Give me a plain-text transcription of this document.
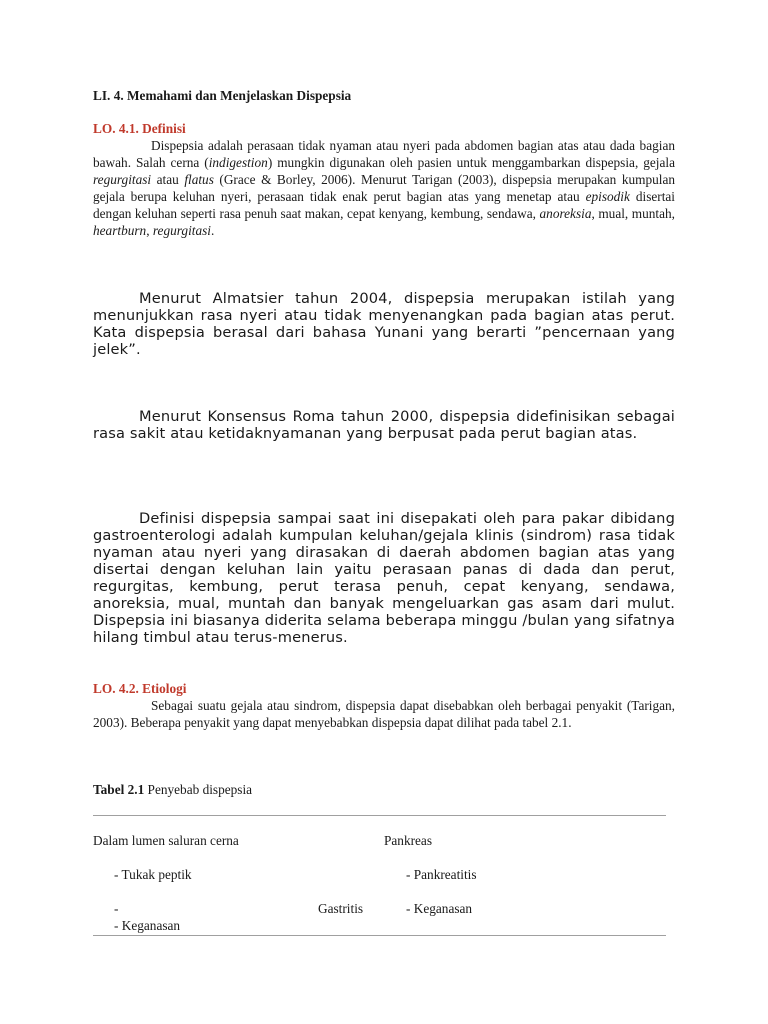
LI. 4. Memahami dan Menjelaskan Dispepsia

LO. 4.1. Definisi

Dispepsia adalah perasaan tidak nyaman atau nyeri pada abdomen bagian atas atau dada bagian bawah. Salah cerna (indigestion) mungkin digunakan oleh pasien untuk menggambarkan dispepsia, gejala regurgitasi atau flatus (Grace & Borley, 2006). Menurut Tarigan (2003), dispepsia merupakan kumpulan gejala berupa keluhan nyeri, perasaan tidak enak perut bagian atas yang menetap atau episodik disertai dengan keluhan seperti rasa penuh saat makan, cepat kenyang, kembung, sendawa, anoreksia, mual, muntah, heartburn, regurgitasi.

Menurut Almatsier tahun 2004, dispepsia merupakan istilah yang menunjukkan rasa nyeri atau tidak menyenangkan pada bagian atas perut. Kata dispepsia berasal dari bahasa Yunani yang berarti ”pencernaan yang jelek”.

Menurut Konsensus Roma tahun 2000, dispepsia didefinisikan sebagai rasa sakit atau ketidaknyamanan yang berpusat pada perut bagian atas.

Definisi dispepsia sampai saat ini disepakati oleh para pakar dibidang gastroenterologi adalah kumpulan keluhan/gejala klinis (sindrom) rasa tidak nyaman atau nyeri yang dirasakan di daerah abdomen bagian atas yang disertai dengan keluhan lain yaitu perasaan panas di dada dan perut, regurgitas, kembung, perut terasa penuh, cepat kenyang, sendawa, anoreksia, mual, muntah dan banyak mengeluarkan gas asam dari mulut. Dispepsia ini biasanya diderita selama beberapa minggu /bulan yang sifatnya hilang timbul atau terus-menerus.

LO. 4.2. Etiologi

Sebagai suatu gejala atau sindrom, dispepsia dapat disebabkan oleh berbagai penyakit (Tarigan, 2003). Beberapa penyakit yang dapat menyebabkan dispepsia dapat dilihat pada tabel 2.1.

Tabel 2.1 Penyebab dispepsia

Dalam lumen saluran cerna	Pankreas

- Tukak peptik	- Pankreatitis

-	Gastritis	- Keganasan

- Keganasan
